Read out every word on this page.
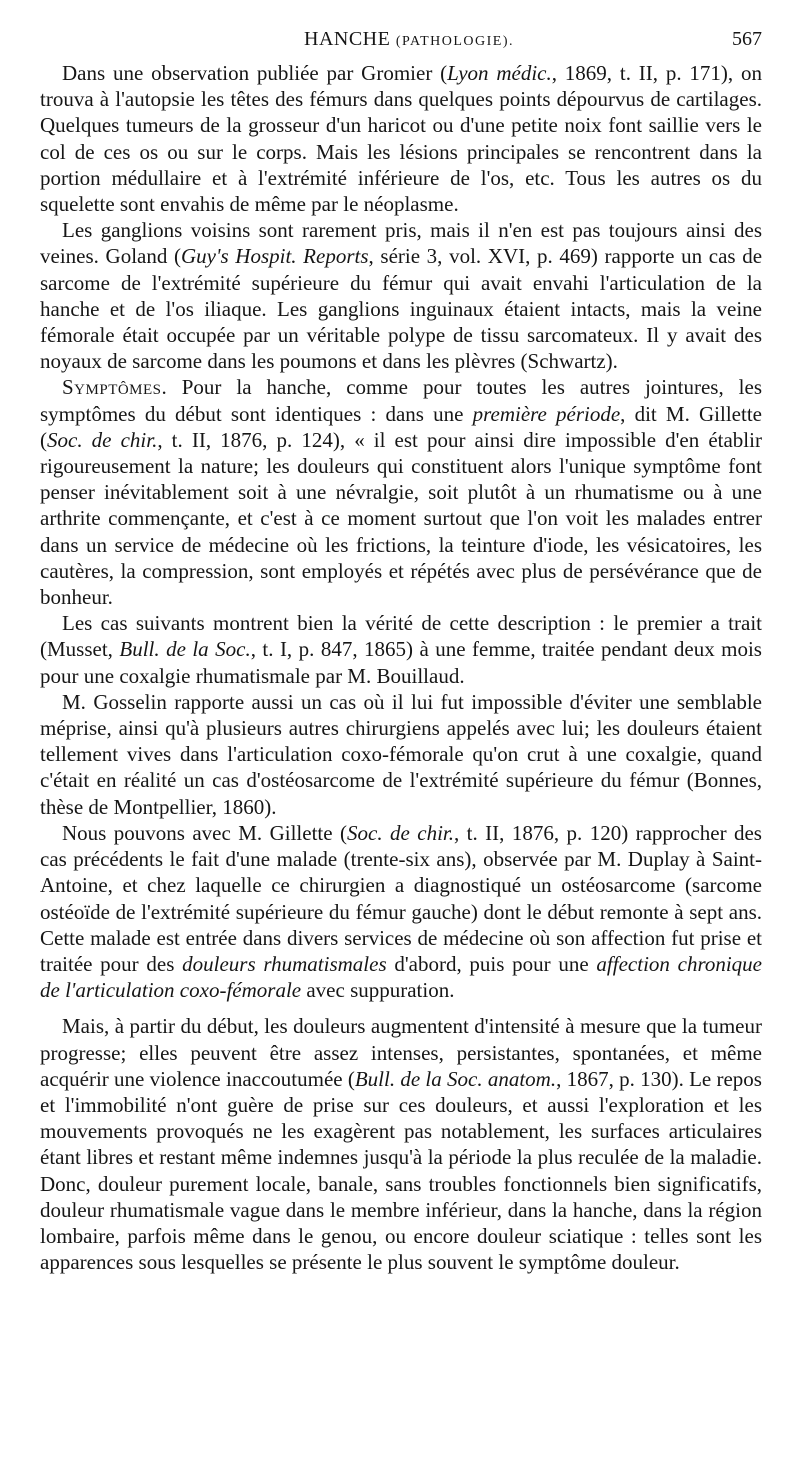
HANCHE (PATHOLOGIE).	567

Dans une observation publiée par Gromier (Lyon médic., 1869, t. II, p. 171), on trouva à l'autopsie les têtes des fémurs dans quelques points dépourvus de cartilages. Quelques tumeurs de la grosseur d'un haricot ou d'une petite noix font saillie vers le col de ces os ou sur le corps. Mais les lésions principales se rencontrent dans la portion médullaire et à l'extrémité inférieure de l'os, etc. Tous les autres os du squelette sont envahis de même par le néoplasme.

Les ganglions voisins sont rarement pris, mais il n'en est pas toujours ainsi des veines. Goland (Guy's Hospit. Reports, série 3, vol. XVI, p. 469) rapporte un cas de sarcome de l'extrémité supérieure du fémur qui avait envahi l'articulation de la hanche et de l'os iliaque. Les ganglions inguinaux étaient intacts, mais la veine fémorale était occupée par un véritable polype de tissu sarcomateux. Il y avait des noyaux de sarcome dans les poumons et dans les plèvres (Schwartz).

Symptômes. Pour la hanche, comme pour toutes les autres jointures, les symptômes du début sont identiques : dans une première période, dit M. Gillette (Soc. de chir., t. II, 1876, p. 124), « il est pour ainsi dire impossible d'en établir rigoureusement la nature; les douleurs qui constituent alors l'unique symptôme font penser inévitablement soit à une névralgie, soit plutôt à un rhumatisme ou à une arthrite commençante, et c'est à ce moment surtout que l'on voit les malades entrer dans un service de médecine où les frictions, la teinture d'iode, les vésicatoires, les cautères, la compression, sont employés et répétés avec plus de persévérance que de bonheur.

Les cas suivants montrent bien la vérité de cette description : le premier a trait (Musset, Bull. de la Soc., t. I, p. 847, 1865) à une femme, traitée pendant deux mois pour une coxalgie rhumatismale par M. Bouillaud.

M. Gosselin rapporte aussi un cas où il lui fut impossible d'éviter une semblable méprise, ainsi qu'à plusieurs autres chirurgiens appelés avec lui; les douleurs étaient tellement vives dans l'articulation coxo-fémorale qu'on crut à une coxalgie, quand c'était en réalité un cas d'ostéosarcome de l'extrémité supérieure du fémur (Bonnes, thèse de Montpellier, 1860).

Nous pouvons avec M. Gillette (Soc. de chir., t. II, 1876, p. 120) rapprocher des cas précédents le fait d'une malade (trente-six ans), observée par M. Duplay à Saint-Antoine, et chez laquelle ce chirurgien a diagnostiqué un ostéosarcome (sarcome ostéoïde de l'extrémité supérieure du fémur gauche) dont le début remonte à sept ans. Cette malade est entrée dans divers services de médecine où son affection fut prise et traitée pour des douleurs rhumatismales d'abord, puis pour une affection chronique de l'articulation coxo-fémorale avec suppuration.

Mais, à partir du début, les douleurs augmentent d'intensité à mesure que la tumeur progresse; elles peuvent être assez intenses, persistantes, spontanées, et même acquérir une violence inaccoutumée (Bull. de la Soc. anatom., 1867, p. 130). Le repos et l'immobilité n'ont guère de prise sur ces douleurs, et aussi l'exploration et les mouvements provoqués ne les exagèrent pas notablement, les surfaces articulaires étant libres et restant même indemnes jusqu'à la période la plus reculée de la maladie. Donc, douleur purement locale, banale, sans troubles fonctionnels bien significatifs, douleur rhumatismale vague dans le membre inférieur, dans la hanche, dans la région lombaire, parfois même dans le genou, ou encore douleur sciatique : telles sont les apparences sous lesquelles se présente le plus souvent le symptôme douleur.
